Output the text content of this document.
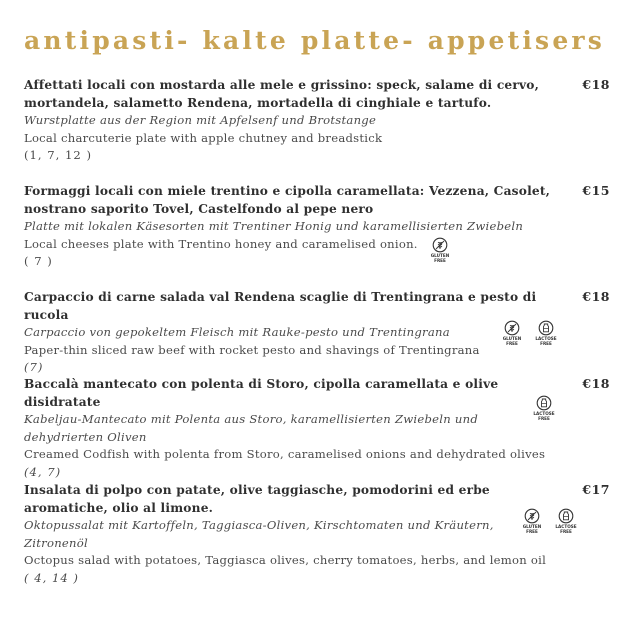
antipasti- kalte platte- appetisers
Affettati locali con mostarda alle mele e grissino: speck, salame di cervo, mortandela, salametto Rendena, mortadella di cinghiale e tartufo.
€18
Wurstplatte aus der Region mit Apfelsenf und Brotstange
Local charcuterie plate with apple chutney and breadstick
(1, 7, 12 )
Formaggi locali con miele trentino e cipolla caramellata: Vezzena, Casolet, nostrano saporito Tovel, Castelfondo al pepe nero
€15
Platte mit lokalen Käsesorten mit Trentiner Honig und karamellisierten Zwiebeln
Local cheeses plate with Trentino honey and caramelised onion.
( 7 )	GLUTEN
FREE
Carpaccio di carne salada val Rendena scaglie di Trentingrana e pesto di rucola
€18
Carpaccio von gepokeltem Fleisch mit Rauke-pesto und Trentingrana
Paper-thin sliced raw beef with rocket pesto and shavings of Trentingrana
(7)
GLUTEN
FREE
LACTOSE
FREE
Baccalà mantecato con polenta di Storo, cipolla caramellata e olive disidratate
€18
Kabeljau-Mantecato mit Polenta aus Storo, karamellisierten Zwiebeln und dehydrierten Oliven
Creamed Codfish with polenta from Storo, caramelised onions and dehydrated olives
(4, 7)
LACTOSE
FREE
Insalata di polpo con patate, olive taggiasche, pomodorini ed erbe aromatiche, olio al limone.
€17
Oktopussalat mit Kartoffeln, Taggiasca-Oliven, Kirschtomaten und Kräutern, Zitronenöl
Octopus salad with potatoes, Taggiasca olives, cherry tomatoes, herbs, and lemon oil
( 4, 14 )
GLUTEN
FREE
LACTOSE
FREE
